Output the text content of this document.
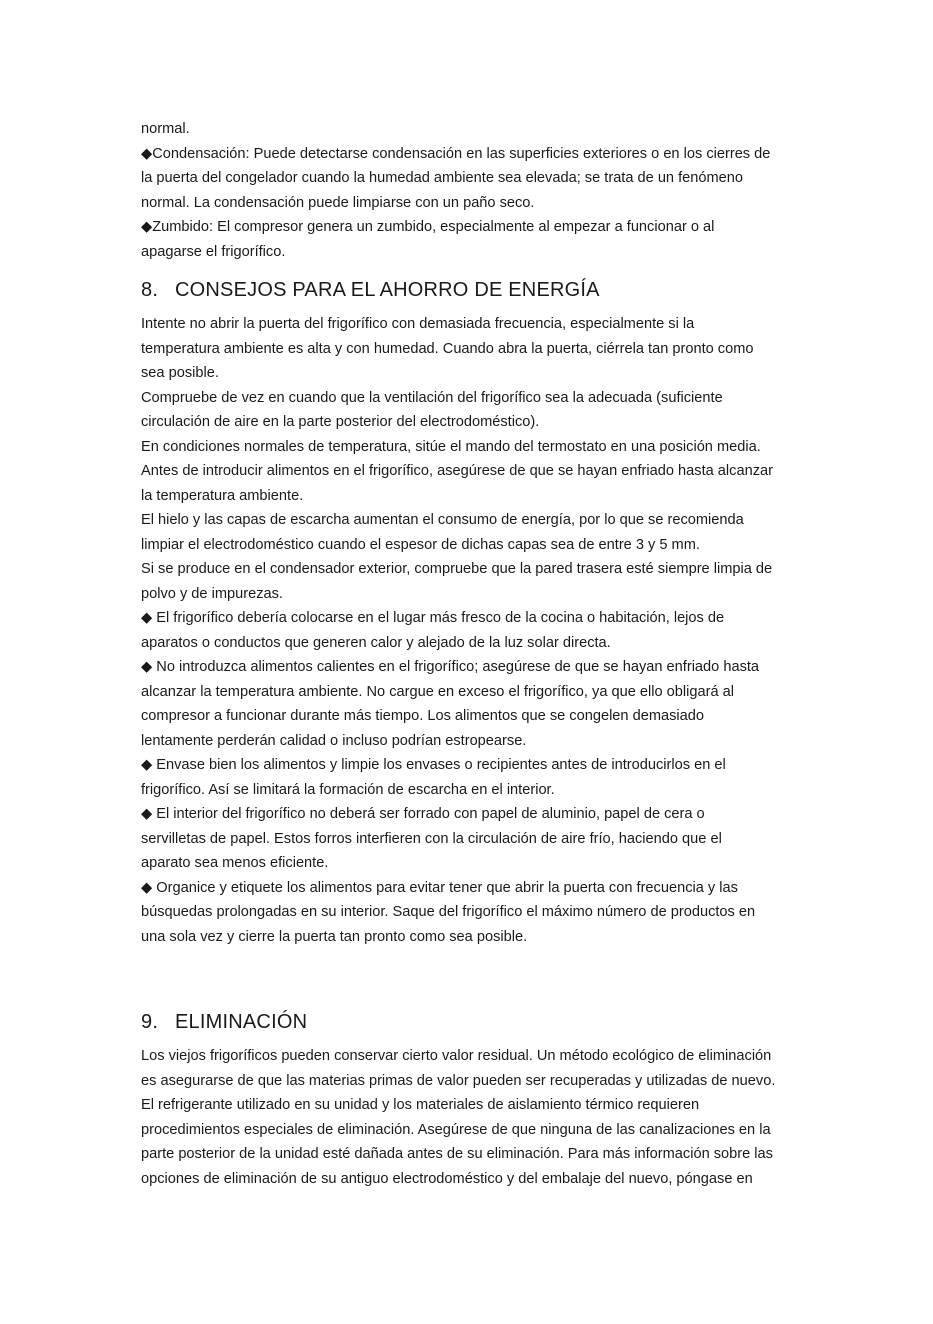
normal.

◆Condensación: Puede detectarse condensación en las superficies exteriores o en los cierres de

la puerta del congelador cuando la humedad ambiente sea elevada; se trata de un fenómeno

normal. La condensación puede limpiarse con un paño seco.

◆Zumbido: El compresor genera un zumbido, especialmente al empezar a funcionar o al

apagarse el frigorífico.

8. CONSEJOS PARA EL AHORRO DE ENERGÍA

Intente no abrir la puerta del frigorífico con demasiada frecuencia, especialmente si la

temperatura ambiente es alta y con humedad. Cuando abra la puerta, ciérrela tan pronto como

sea posible.

Compruebe de vez en cuando que la ventilación del frigorífico sea la adecuada (suficiente

circulación de aire en la parte posterior del electrodoméstico).

En condiciones normales de temperatura, sitúe el mando del termostato en una posición media.

Antes de introducir alimentos en el frigorífico, asegúrese de que se hayan enfriado hasta alcanzar

la temperatura ambiente.

El hielo y las capas de escarcha aumentan el consumo de energía, por lo que se recomienda

limpiar el electrodoméstico cuando el espesor de dichas capas sea de entre 3 y 5 mm.

Si se produce en el condensador exterior, compruebe que la pared trasera esté siempre limpia de

polvo y de impurezas.

◆ El frigorífico debería colocarse en el lugar más fresco de la cocina o habitación, lejos de

aparatos o conductos que generen calor y alejado de la luz solar directa.

◆ No introduzca alimentos calientes en el frigorífico; asegúrese de que se hayan enfriado hasta

alcanzar la temperatura ambiente. No cargue en exceso el frigorífico, ya que ello obligará al

compresor a funcionar durante más tiempo. Los alimentos que se congelen demasiado

lentamente perderán calidad o incluso podrían estropearse.

◆ Envase bien los alimentos y limpie los envases o recipientes antes de introducirlos en el

frigorífico. Así se limitará la formación de escarcha en el interior.

◆ El interior del frigorífico no deberá ser forrado con papel de aluminio, papel de cera o

servilletas de papel. Estos forros interfieren con la circulación de aire frío, haciendo que el

aparato sea menos eficiente.

◆ Organice y etiquete los alimentos para evitar tener que abrir la puerta con frecuencia y las

búsquedas prolongadas en su interior. Saque del frigorífico el máximo número de productos en

una sola vez y cierre la puerta tan pronto como sea posible.

9. ELIMINACIÓN

Los viejos frigoríficos pueden conservar cierto valor residual. Un método ecológico de eliminación

es asegurarse de que las materias primas de valor pueden ser recuperadas y utilizadas de nuevo.

El refrigerante utilizado en su unidad y los materiales de aislamiento térmico requieren

procedimientos especiales de eliminación. Asegúrese de que ninguna de las canalizaciones en la

parte posterior de la unidad esté dañada antes de su eliminación. Para más información sobre las

opciones de eliminación de su antiguo electrodoméstico y del embalaje del nuevo, póngase en
